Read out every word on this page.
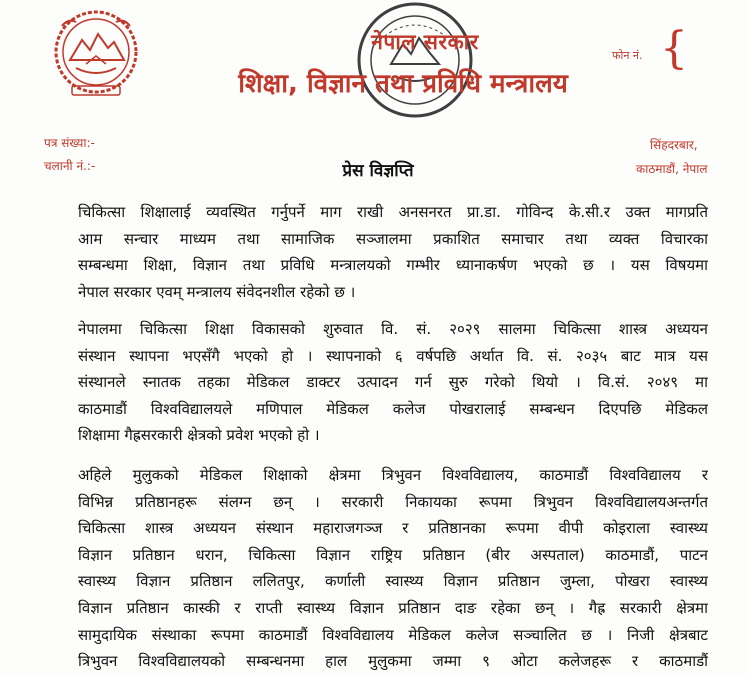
नेपाल सरकार
शिक्षा, विज्ञान तथा प्रविधि मन्त्रालय
फोन नं. {
पत्र संख्या:-
चलानी नं.:-
सिंहदरबार,
काठमाडौं, नेपाल
प्रेस विज्ञप्ति
चिकित्सा शिक्षालाई व्यवस्थित गर्नुपर्ने माग राखी अनसनरत प्रा.डा. गोविन्द के.सी.र उक्त मागप्रति
आम सन्चार माध्यम तथा सामाजिक सञ्जालमा प्रकाशित समाचार तथा व्यक्त विचारका
सम्बन्धमा शिक्षा, विज्ञान तथा प्रविधि मन्त्रालयको गम्भीर ध्यानाकर्षण भएको छ । यस विषयमा
नेपाल सरकार एवम् मन्त्रालय संवेदनशील रहेको छ ।
नेपालमा चिकित्सा शिक्षा विकासको शुरुवात वि. सं. २०२९ सालमा चिकित्सा शास्त्र अध्ययन
संस्थान स्थापना भएसँगै भएको हो । स्थापनाको ६ वर्षपछि अर्थात वि. सं. २०३५ बाट मात्र यस
संस्थानले स्नातक तहका मेडिकल डाक्टर उत्पादन गर्न सुरु गरेको थियो । वि.सं. २०४९ मा
काठमाडौं विश्वविद्यालयले मणिपाल मेडिकल कलेज पोखरालाई सम्बन्धन दिएपछि मेडिकल
शिक्षामा गैह्रसरकारी क्षेत्रको प्रवेश भएको हो ।
अहिले मुलुकको मेडिकल शिक्षाको क्षेत्रमा त्रिभुवन विश्वविद्यालय, काठमाडौं विश्वविद्यालय र
विभिन्न प्रतिष्ठानहरू संलग्न छन् । सरकारी निकायका रूपमा त्रिभुवन विश्वविद्यालयअन्तर्गत
चिकित्सा शास्त्र अध्ययन संस्थान महाराजगञ्ज र प्रतिष्ठानका रूपमा वीपी कोइराला स्वास्थ्य
विज्ञान प्रतिष्ठान धरान, चिकित्सा विज्ञान राष्ट्रिय प्रतिष्ठान (बीर अस्पताल) काठमाडौं, पाटन
स्वास्थ्य विज्ञान प्रतिष्ठान ललितपुर, कर्णाली स्वास्थ्य विज्ञान प्रतिष्ठान जुम्ला, पोखरा स्वास्थ्य
विज्ञान प्रतिष्ठान कास्की र राप्ती स्वास्थ्य विज्ञान प्रतिष्ठान दाङ रहेका छन् । गैह्र सरकारी क्षेत्रमा
सामुदायिक संस्थाका रूपमा काठमाडौं विश्वविद्यालय मेडिकल कलेज सञ्चालित छ । निजी क्षेत्रबाट
त्रिभुवन विश्वविद्यालयको सम्बन्धनमा हाल मुलुकमा जम्मा ९ ओटा कलेजहरू र काठमाडौं
